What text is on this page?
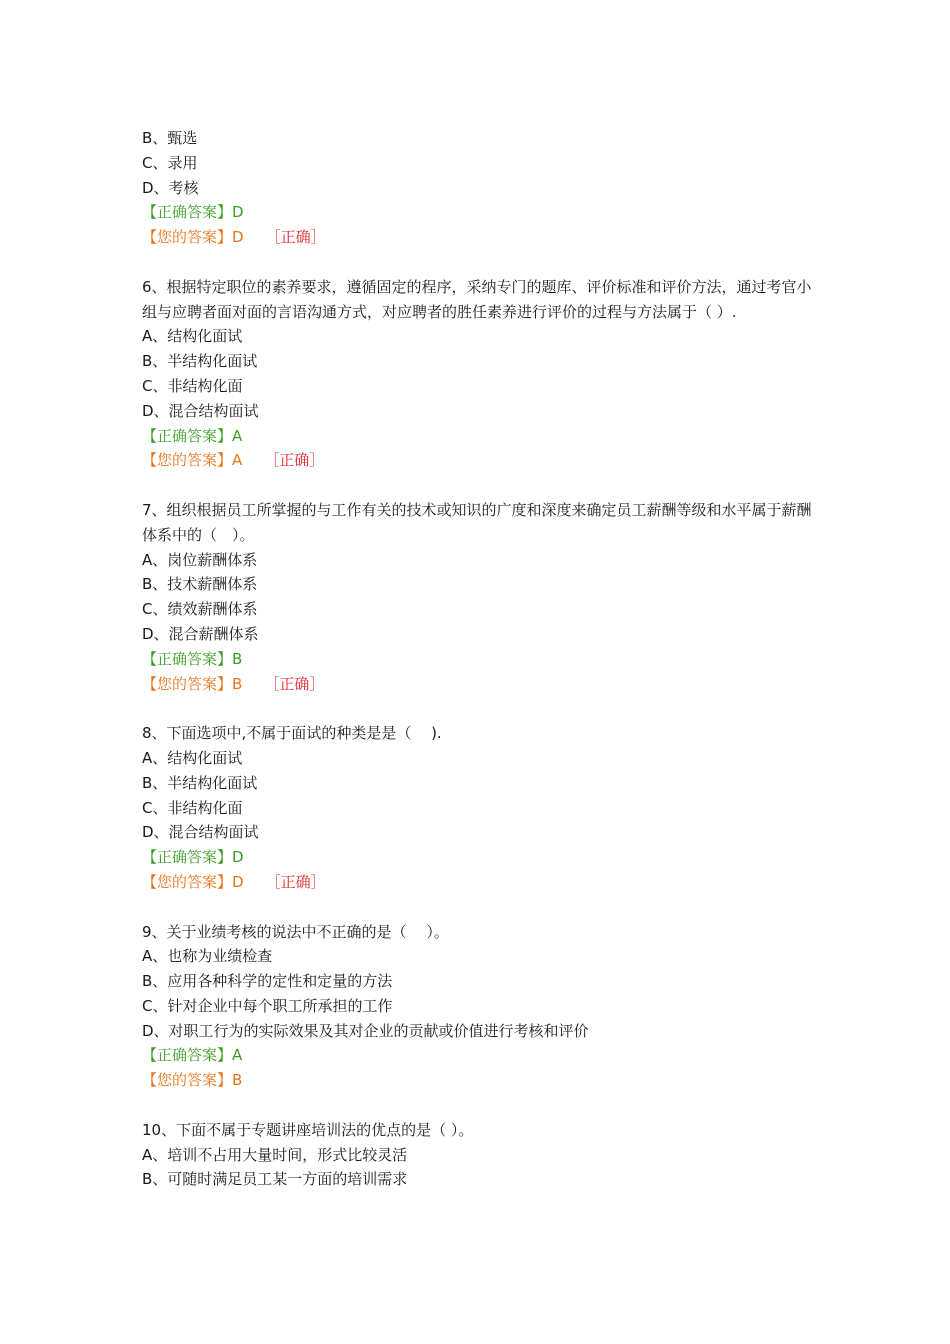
B、甄选
C、录用
D、考核
【正确答案】D
【您的答案】D ［正确］
6、根据特定职位的素养要求，遵循固定的程序，采纳专门的题库、评价标准和评价方法，通过考官小组与应聘者面对面的言语沟通方式，对应聘者的胜任素养进行评价的过程与方法属于（ ）.
A、结构化面试
B、半结构化面试
C、非结构化面
D、混合结构面试
【正确答案】A
【您的答案】A ［正确］
7、组织根据员工所掌握的与工作有关的技术或知识的广度和深度来确定员工薪酬等级和水平属于薪酬体系中的（　）。
A、岗位薪酬体系
B、技术薪酬体系
C、绩效薪酬体系
D、混合薪酬体系
【正确答案】B
【您的答案】B ［正确］
8、下面选项中,不属于面试的种类是是（　 ).
A、结构化面试
B、半结构化面试
C、非结构化面
D、混合结构面试
【正确答案】D
【您的答案】D ［正确］
9、关于业绩考核的说法中不正确的是（　 ）。
A、也称为业绩检查
B、应用各种科学的定性和定量的方法
C、针对企业中每个职工所承担的工作
D、对职工行为的实际效果及其对企业的贡献或价值进行考核和评价
【正确答案】A
【您的答案】B
10、下面不属于专题讲座培训法的优点的是（ ）。
A、培训不占用大量时间，形式比较灵活
B、可随时满足员工某一方面的培训需求
